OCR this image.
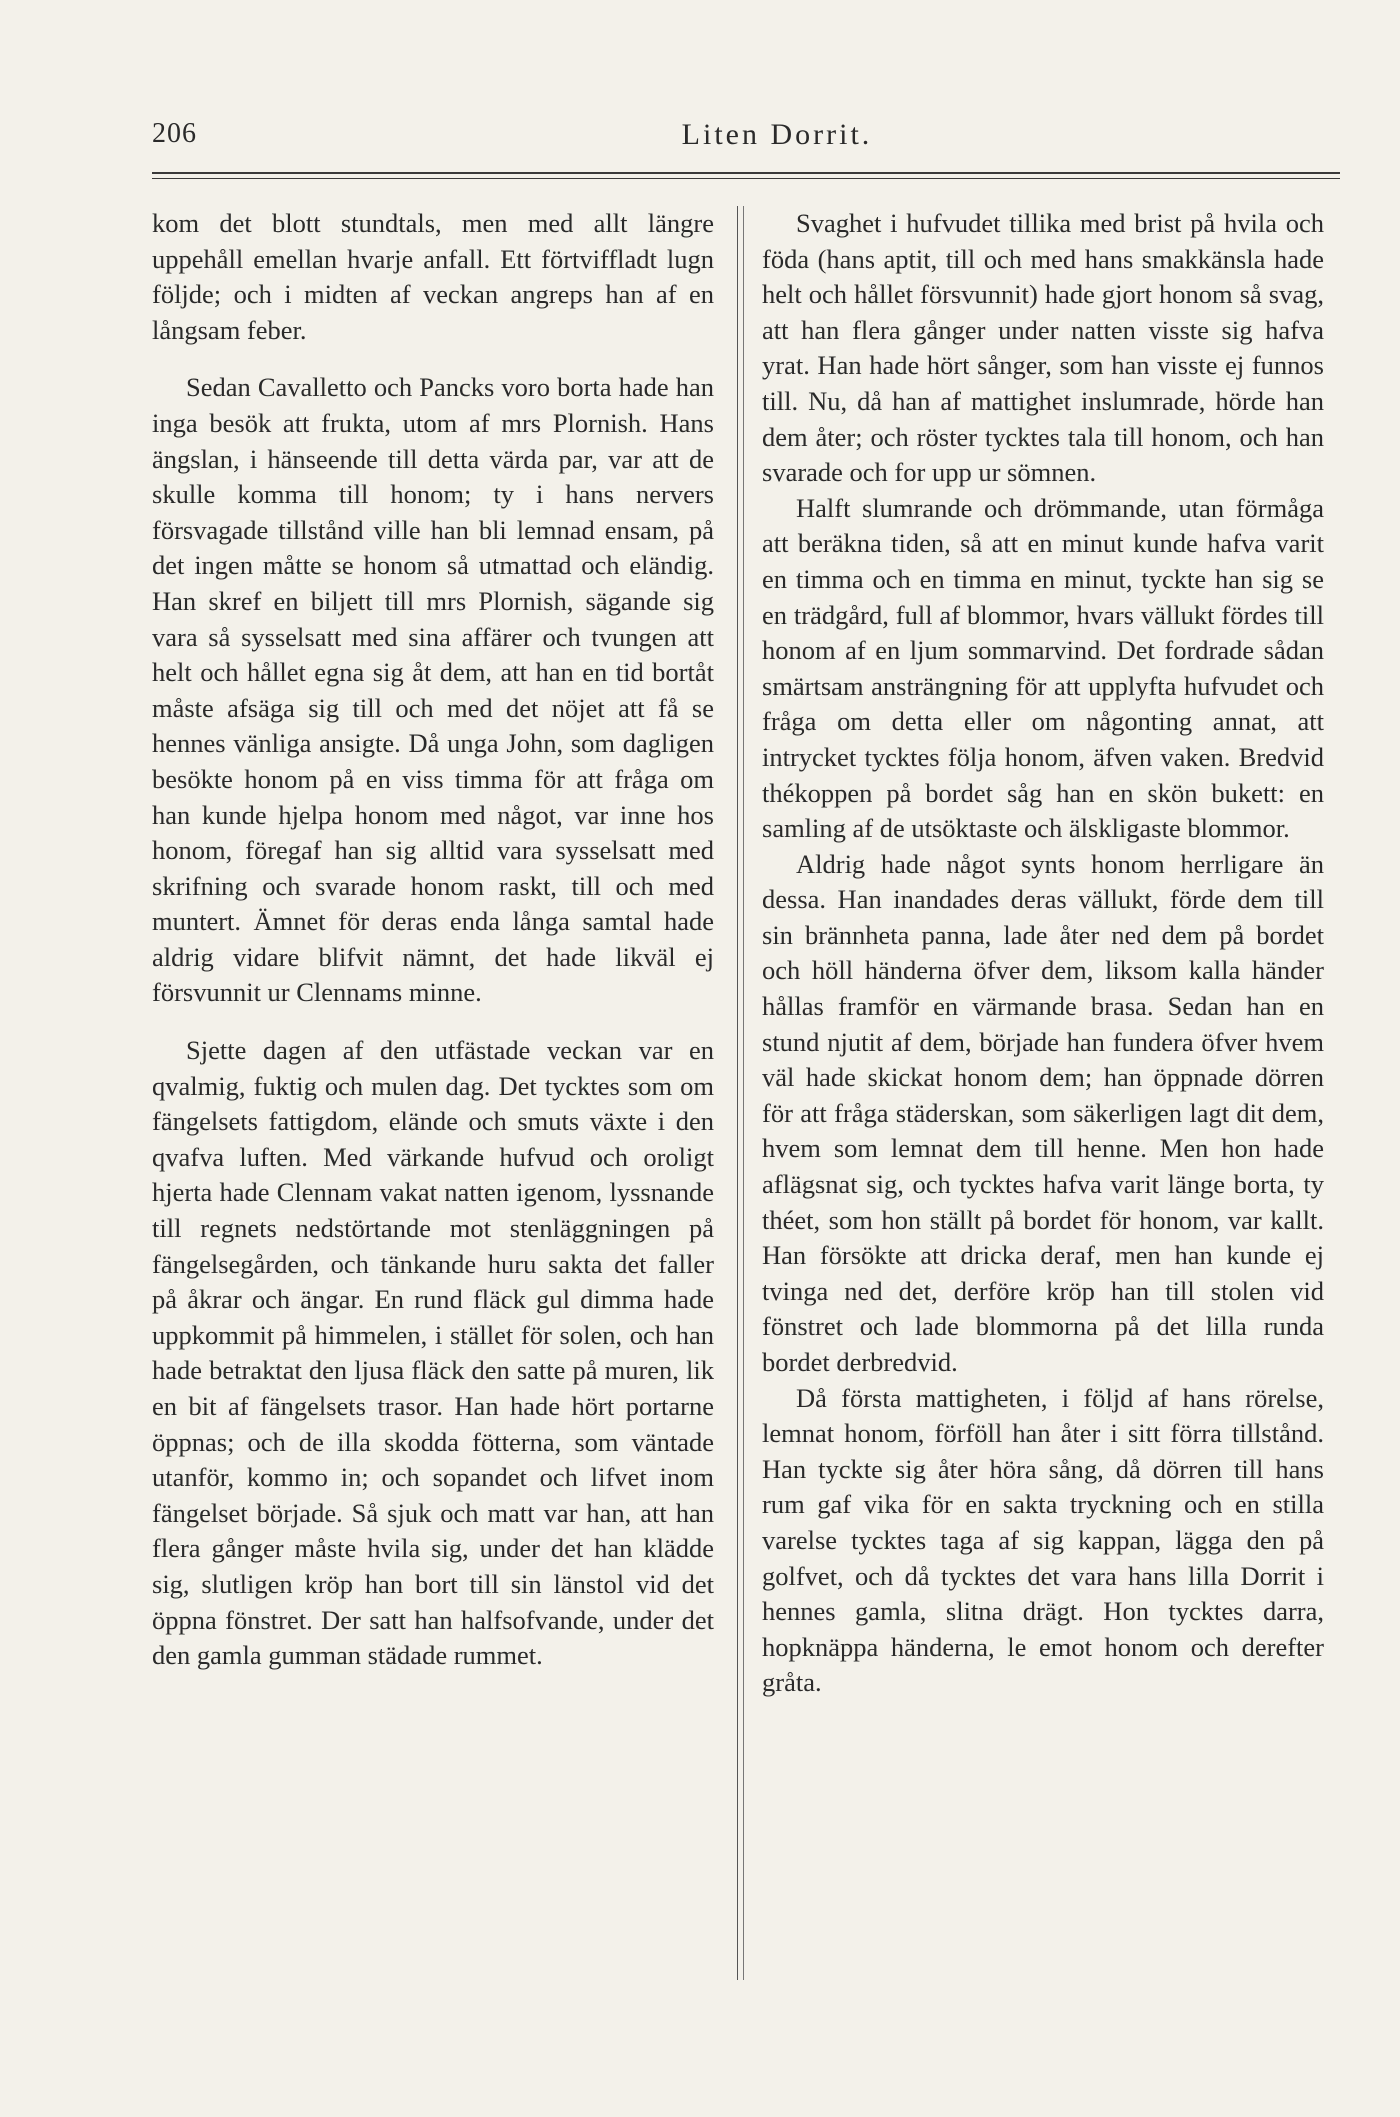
206	Liten Dorrit.

kom det blott stundtals, men med allt längre uppehåll emellan hvarje anfall. Ett förtviffladt lugn följde; och i midten af veckan angreps han af en långsam feber.

Sedan Cavalletto och Pancks voro borta hade han inga besök att frukta, utom af mrs Plornish. Hans ängslan, i hänseende till detta värda par, var att de skulle komma till honom; ty i hans nervers försvagade tillstånd ville han bli lemnad ensam, på det ingen måtte se honom så utmattad och eländig. Han skref en biljett till mrs Plornish, sägande sig vara så sysselsatt med sina affärer och tvungen att helt och hållet egna sig åt dem, att han en tid bortåt måste afsäga sig till och med det nöjet att få se hennes vänliga ansigte. Då unga John, som dagligen besökte honom på en viss timma för att fråga om han kunde hjelpa honom med något, var inne hos honom, föregaf han sig alltid vara sysselsatt med skrifning och svarade honom raskt, till och med muntert. Ämnet för deras enda långa samtal hade aldrig vidare blifvit nämnt, det hade likväl ej försvunnit ur Clennams minne.

Sjette dagen af den utfästade veckan var en qvalmig, fuktig och mulen dag. Det tycktes som om fängelsets fattigdom, elände och smuts växte i den qvafva luften. Med värkande hufvud och oroligt hjerta hade Clennam vakat natten igenom, lyssnande till regnets nedstörtande mot stenläggningen på fängelsegården, och tänkande huru sakta det faller på åkrar och ängar. En rund fläck gul dimma hade uppkommit på himmelen, i stället för solen, och han hade betraktat den ljusa fläck den satte på muren, lik en bit af fängelsets trasor. Han hade hört portarne öppnas; och de illa skodda fötterna, som väntade utanför, kommo in; och sopandet och lifvet inom fängelset började. Så sjuk och matt var han, att han flera gånger måste hvila sig, under det han klädde sig, slutligen kröp han bort till sin länstol vid det öppna fönstret. Der satt han halfsofvande, under det den gamla gumman städade rummet.

Svaghet i hufvudet tillika med brist på hvila och föda (hans aptit, till och med hans smakkänsla hade helt och hållet försvunnit) hade gjort honom så svag, att han flera gånger under natten visste sig hafva yrat. Han hade hört sånger, som han visste ej funnos till. Nu, då han af mattighet inslumrade, hörde han dem åter; och röster tycktes tala till honom, och han svarade och for upp ur sömnen.

Halft slumrande och drömmande, utan förmåga att beräkna tiden, så att en minut kunde hafva varit en timma och en timma en minut, tyckte han sig se en trädgård, full af blommor, hvars vällukt fördes till honom af en ljum sommarvind. Det fordrade sådan smärtsam ansträngning för att upplyfta hufvudet och fråga om detta eller om någonting annat, att intrycket tycktes följa honom, äfven vaken. Bredvid thékoppen på bordet såg han en skön bukett: en samling af de utsöktaste och älskligaste blommor.

Aldrig hade något synts honom herrligare än dessa. Han inandades deras vällukt, förde dem till sin brännheta panna, lade åter ned dem på bordet och höll händerna öfver dem, liksom kalla händer hållas framför en värmande brasa. Sedan han en stund njutit af dem, började han fundera öfver hvem väl hade skickat honom dem; han öppnade dörren för att fråga städerskan, som säkerligen lagt dit dem, hvem som lemnat dem till henne. Men hon hade aflägsnat sig, och tycktes hafva varit länge borta, ty théet, som hon ställt på bordet för honom, var kallt. Han försökte att dricka deraf, men han kunde ej tvinga ned det, derföre kröp han till stolen vid fönstret och lade blommorna på det lilla runda bordet derbredvid.

Då första mattigheten, i följd af hans rörelse, lemnat honom, förföll han åter i sitt förra tillstånd. Han tyckte sig åter höra sång, då dörren till hans rum gaf vika för en sakta tryckning och en stilla varelse tycktes taga af sig kappan, lägga den på golfvet, och då tycktes det vara hans lilla Dorrit i hennes gamla, slitna drägt. Hon tycktes darra, hopknäppa händerna, le emot honom och derefter gråta.
